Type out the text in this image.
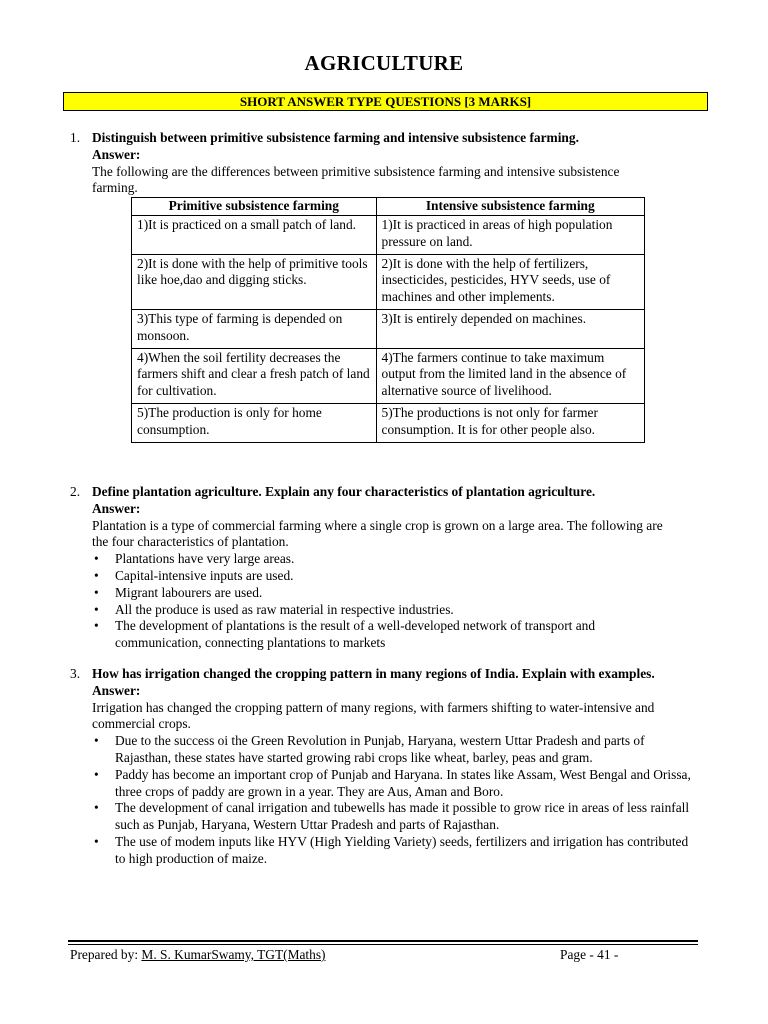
AGRICULTURE
SHORT ANSWER TYPE QUESTIONS [3 MARKS]
1. Distinguish between primitive subsistence farming and intensive subsistence farming.
Answer:
The following are the differences between primitive subsistence farming and intensive subsistence farming.
Primitive subsistence farming	Intensive subsistence farming
1)It is practiced on a small patch of land.	1)It is practiced in areas of high population pressure on land.
2)It is done with the help of primitive tools like hoe,dao and digging sticks.	2)It is done with the help of fertilizers, insecticides, pesticides, HYV seeds, use of machines and other implements.
3)This type of farming is depended on monsoon.	3)It is entirely depended on machines.
4)When the soil fertility decreases the farmers shift and clear a fresh patch of land for cultivation.	4)The farmers continue to take maximum output from the limited land in the absence of alternative source of livelihood.
5)The production is only for home consumption.	5)The productions is not only for farmer consumption. It is for other people also.
2. Define plantation agriculture. Explain any four characteristics of plantation agriculture.
Answer:
Plantation is a type of commercial farming where a single crop is grown on a large area. The following are the four characteristics of plantation.
• Plantations have very large areas.
• Capital-intensive inputs are used.
• Migrant labourers are used.
• All the produce is used as raw material in respective industries.
• The development of plantations is the result of a well-developed network of transport and communication, connecting plantations to markets
3. How has irrigation changed the cropping pattern in many regions of India. Explain with examples.
Answer:
Irrigation has changed the cropping pattern of many regions, with farmers shifting to water-intensive and commercial crops.
• Due to the success oi the Green Revolution in Punjab, Haryana, western Uttar Pradesh and parts of Rajasthan, these states have started growing rabi crops like wheat, barley, peas and gram.
• Paddy has become an important crop of Punjab and Haryana. In states like Assam, West Bengal and Orissa, three crops of paddy are grown in a year. They are Aus, Aman and Boro.
• The development of canal irrigation and tubewells has made it possible to grow rice in areas of less rainfall such as Punjab, Haryana, Western Uttar Pradesh and parts of Rajasthan.
• The use of modem inputs like HYV (High Yielding Variety) seeds, fertilizers and irrigation has contributed to high production of maize.
Prepared by: M. S. KumarSwamy, TGT(Maths)	Page - 41 -
